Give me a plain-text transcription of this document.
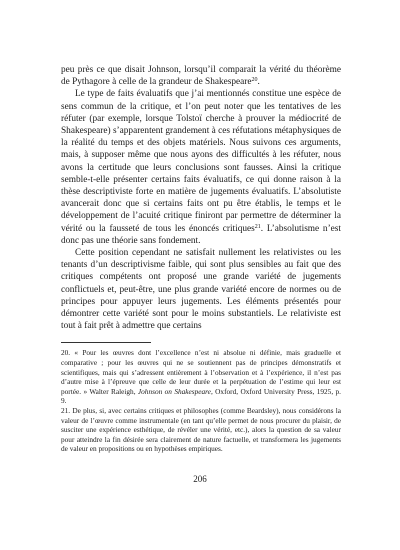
peu près ce que disait Johnson, lorsqu’il comparait la vérité du théorème de Pythagore à celle de la grandeur de Shakespeare$^{20}$.

Le type de faits évaluatifs que j’ai mentionnés constitue une espèce de sens commun de la critique, et l’on peut noter que les tentatives de les réfuter (par exemple, lorsque Tolstoï cherche à prouver la médiocrité de Shakespeare) s’apparentent grandement à ces réfutations métaphysiques de la réalité du temps et des objets matériels. Nous suivons ces arguments, mais, à supposer même que nous ayons des difficultés à les réfuter, nous avons la certitude que leurs conclusions sont fausses. Ainsi la critique semble-t-elle présenter certains faits évaluatifs, ce qui donne raison à la thèse descriptiviste forte en matière de jugements évaluatifs. L’absolutiste avancerait donc que si certains faits ont pu être établis, le temps et le développement de l’acuité critique finiront par permettre de déterminer la vérité ou la fausseté de tous les énoncés critiques$^{21}$. L’absolutisme n’est donc pas une théorie sans fondement.

Cette position cependant ne satisfait nullement les relativistes ou les tenants d’un descriptivisme faible, qui sont plus sensibles au fait que des critiques compétents ont proposé une grande variété de jugements conflictuels et, peut-être, une plus grande variété encore de normes ou de principes pour appuyer leurs jugements. Les éléments présentés pour démontrer cette variété sont pour le moins substantiels. Le relativiste est tout à fait prêt à admettre que certains

20. « Pour les œuvres dont l’excellence n’est ni absolue ni définie, mais graduelle et comparative ; pour les œuvres qui ne se soutiennent pas de principes démonstratifs et scientifiques, mais qui s’adressent entièrement à l’observation et à l’expérience, il n’est pas d’autre mise à l’épreuve que celle de leur durée et la perpétuation de l’estime qui leur est portée. » Walter Raleigh, Johnson on Shakespeare, Oxford, Oxford University Press, 1925, p. 9.

21. De plus, si, avec certains critiques et philosophes (comme Beardsley), nous considérons la valeur de l’œuvre comme instrumentale (en tant qu’elle permet de nous procurer du plaisir, de susciter une expérience esthétique, de révéler une vérité, etc.), alors la question de sa valeur pour atteindre la fin désirée sera clairement de nature factuelle, et transformera les jugements de valeur en propositions ou en hypothèses empiriques.

206
